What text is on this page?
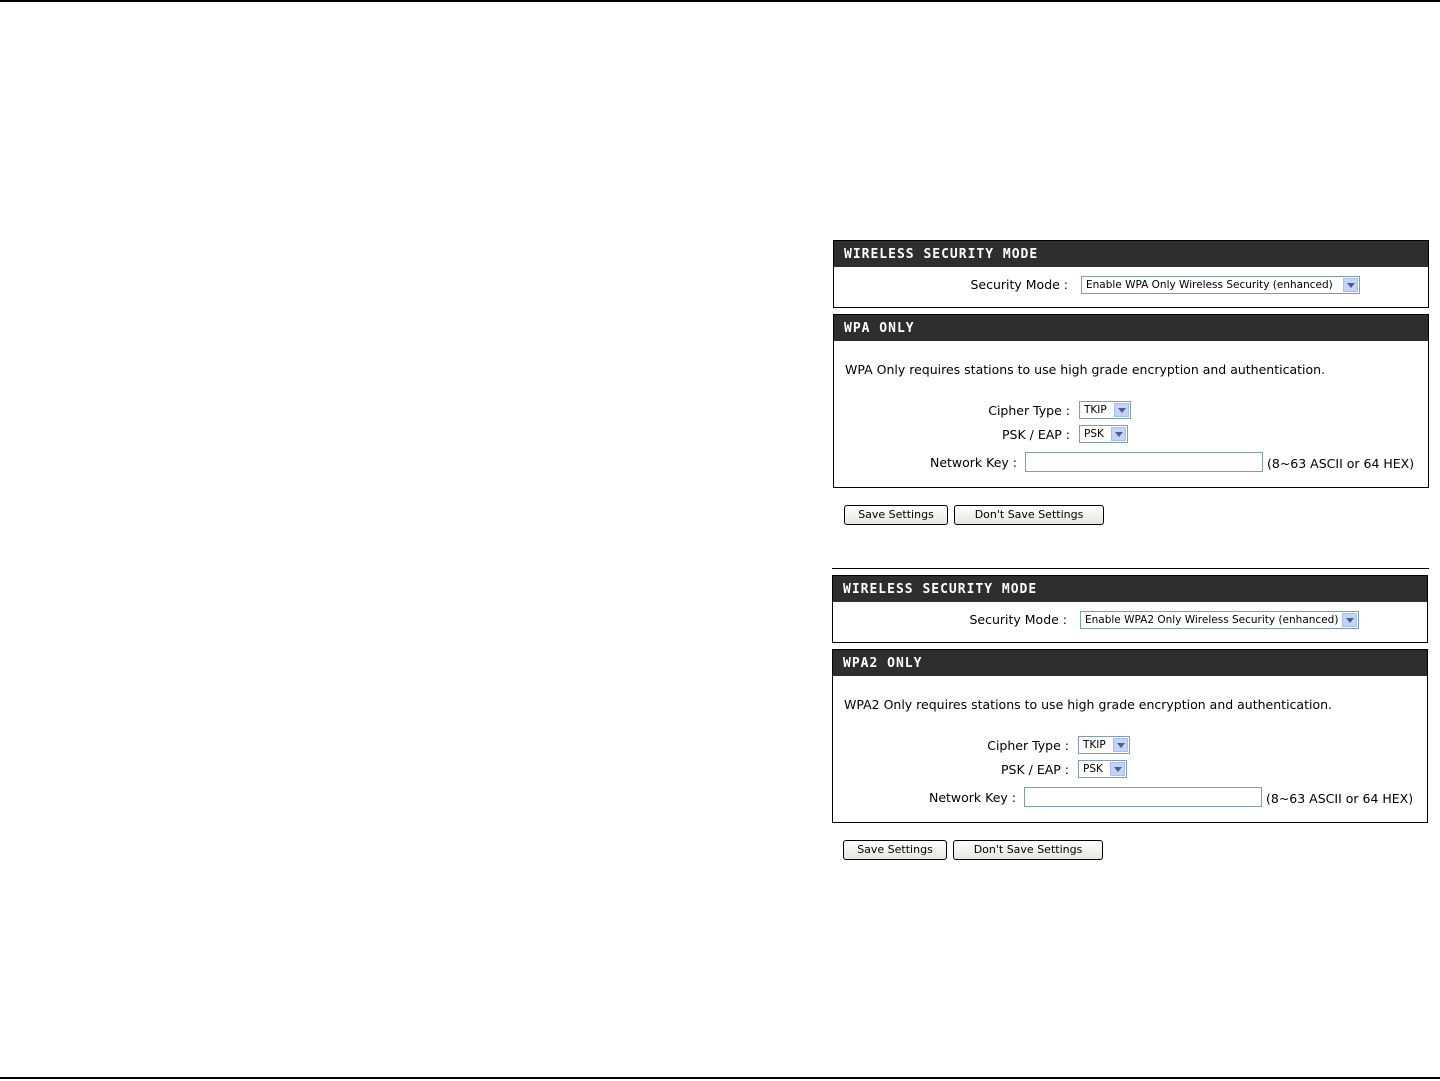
WIRELESS SECURITY MODE
Security Mode :	Enable WPA Only Wireless Security (enhanced)
WPA ONLY
WPA Only requires stations to use high grade encryption and authentication.
Cipher Type :	TKIP
PSK / EAP :	PSK
Network Key :	(8~63 ASCII or 64 HEX)
Save Settings	Don't Save Settings
WIRELESS SECURITY MODE
Security Mode :	Enable WPA2 Only Wireless Security (enhanced)
WPA2 ONLY
WPA2 Only requires stations to use high grade encryption and authentication.
Cipher Type :	TKIP
PSK / EAP :	PSK
Network Key :	(8~63 ASCII or 64 HEX)
Save Settings	Don't Save Settings
